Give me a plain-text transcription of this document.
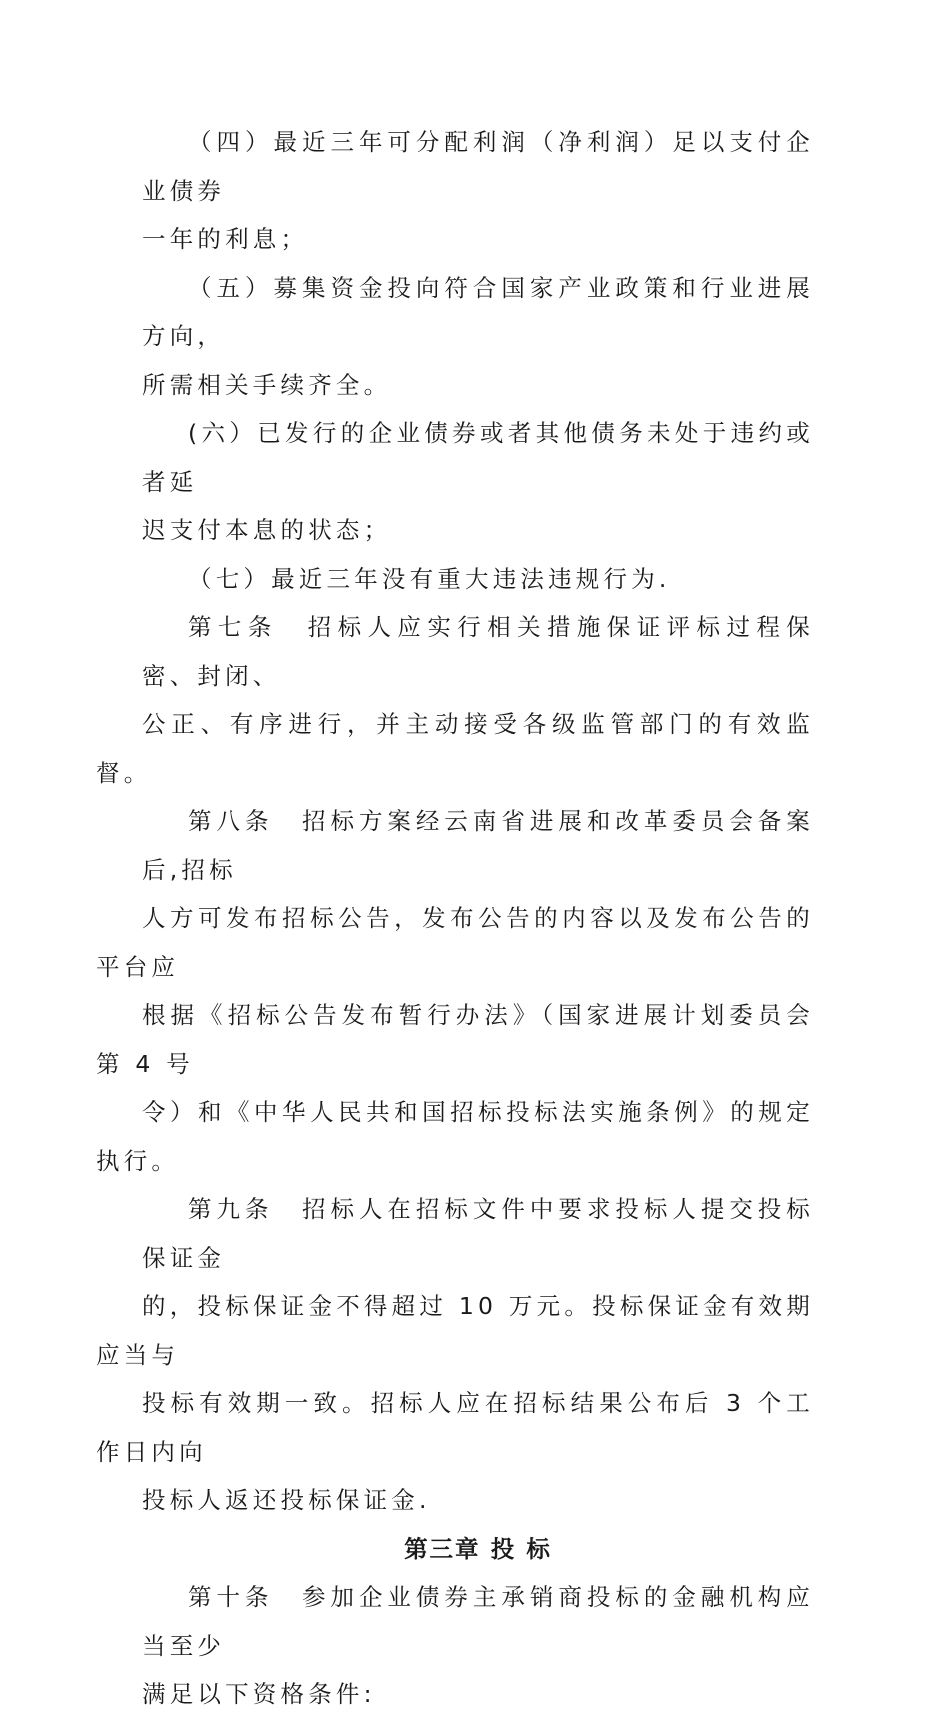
（四）最近三年可分配利润（净利润）足以支付企业债券
一年的利息；

（五）募集资金投向符合国家产业政策和行业进展方向，
所需相关手续齐全。

(六）已发行的企业债券或者其他债务未处于违约或者延
迟支付本息的状态；

（七）最近三年没有重大违法违规行为.

第七条　招标人应实行相关措施保证评标过程保密、封闭、
公正、有序进行，并主动接受各级监管部门的有效监督。

第八条　招标方案经云南省进展和改革委员会备案后,招标
人方可发布招标公告，发布公告的内容以及发布公告的平台应
根据《招标公告发布暂行办法》（国家进展计划委员会第 4 号
令）和《中华人民共和国招标投标法实施条例》的规定执行。

第九条　招标人在招标文件中要求投标人提交投标保证金
的，投标保证金不得超过 10 万元。投标保证金有效期应当与
投标有效期一致。招标人应在招标结果公布后 3 个工作日内向
投标人返还投标保证金.

第三章 投 标

第十条　参加企业债券主承销商投标的金融机构应当至少
满足以下资格条件:
